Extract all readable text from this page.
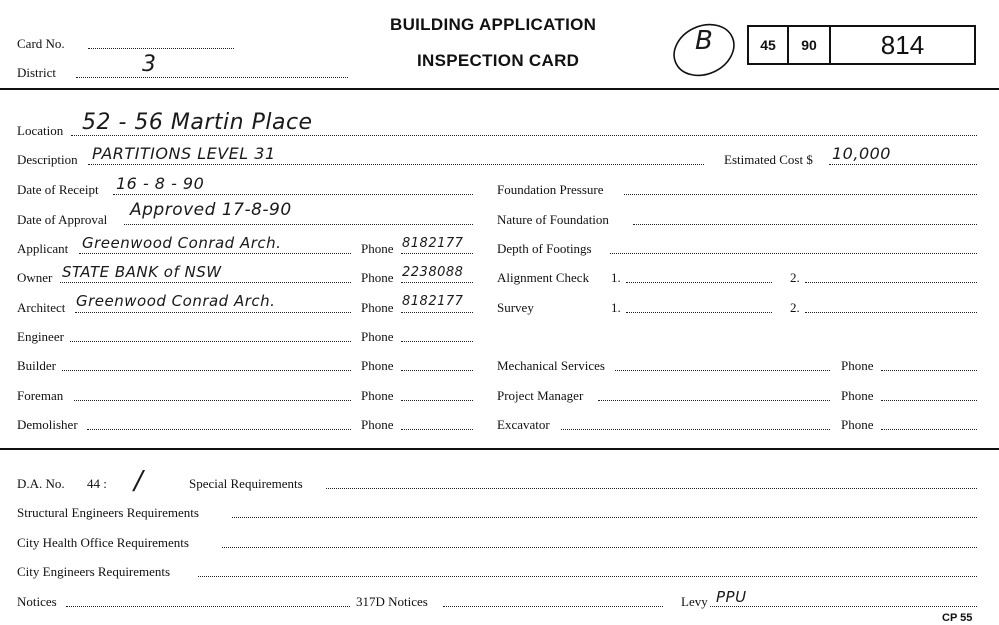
Card No.
District	3
BUILDING APPLICATION
INSPECTION CARD
B	45 90 814
Location 52 - 56 Martin Place
Description PARTITIONS LEVEL 31	Estimated Cost $ 10,000
Date of Receipt 16 - 8 - 90
Date of Approval Approved 17-8-90
Applicant Greenwood Conrad Arch.	Phone 8182177
Owner STATE BANK of NSW	Phone 2238088
Architect Greenwood Conrad Arch.	Phone 8182177
Engineer	Phone
Builder	Phone
Foreman	Phone
Demolisher	Phone
Foundation Pressure
Nature of Foundation
Depth of Footings
Alignment Check 1.	2.
Survey	1.	2.
Mechanical Services	Phone
Project Manager	Phone
Excavator	Phone
D.A. No. 44 : /	Special Requirements
Structural Engineers Requirements
City Health Office Requirements
City Engineers Requirements
Notices	317D Notices	Levy PPU
CP 55
